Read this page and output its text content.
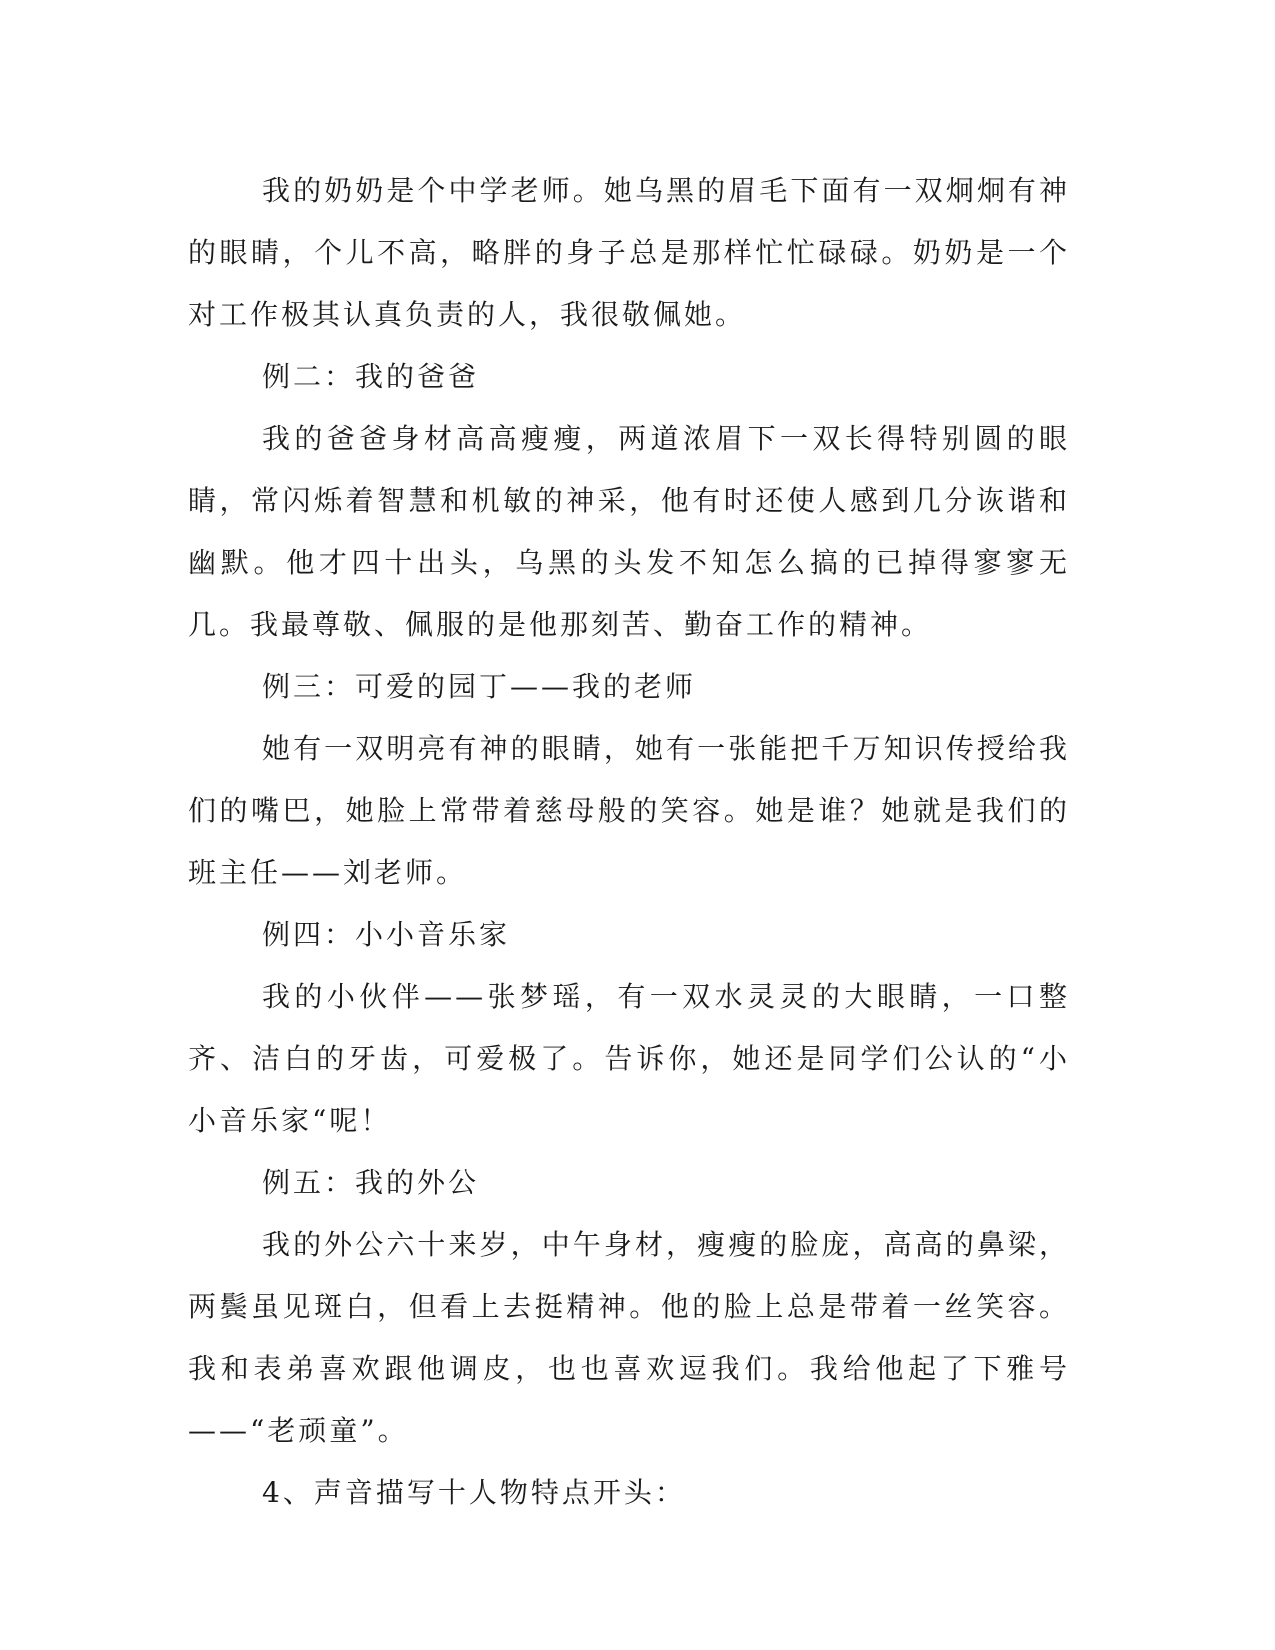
我的奶奶是个中学老师。她乌黑的眉毛下面有一双炯炯有神的眼睛，个儿不高，略胖的身子总是那样忙忙碌碌。奶奶是一个对工作极其认真负责的人，我很敬佩她。

例二：我的爸爸

我的爸爸身材高高瘦瘦，两道浓眉下一双长得特别圆的眼睛，常闪烁着智慧和机敏的神采，他有时还使人感到几分诙谐和幽默。他才四十出头，乌黑的头发不知怎么搞的已掉得寥寥无几。我最尊敬、佩服的是他那刻苦、勤奋工作的精神。

例三：可爱的园丁——我的老师

她有一双明亮有神的眼睛，她有一张能把千万知识传授给我们的嘴巴，她脸上常带着慈母般的笑容。她是谁？她就是我们的班主任——刘老师。

例四：小小音乐家

我的小伙伴——张梦瑶，有一双水灵灵的大眼睛，一口整齐、洁白的牙齿，可爱极了。告诉你，她还是同学们公认的“小小音乐家“呢！

例五：我的外公

我的外公六十来岁，中午身材，瘦瘦的脸庞，高高的鼻梁，两鬓虽见斑白，但看上去挺精神。他的脸上总是带着一丝笑容。我和表弟喜欢跟他调皮，也也喜欢逗我们。我给他起了下雅号——“老顽童”。

4、声音描写十人物特点开头：
